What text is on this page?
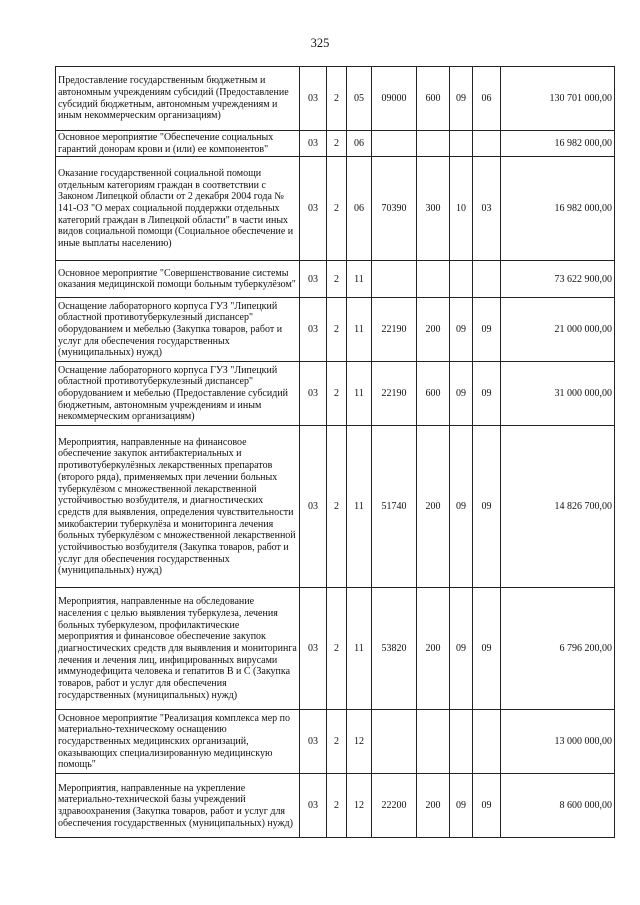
325
Предоставление государственным бюджетным и автономным учреждениям субсидий (Предоставление субсидий бюджетным, автономным учреждениям и иным некоммерческим организациям)	03	2	05	09000	600	09	06	130 701 000,00
Основное мероприятие "Обеспечение социальных гарантий донорам крови и (или) ее компонентов"	03	2	06					16 982 000,00
Оказание государственной социальной помощи отдельным категориям граждан в соответствии с Законом Липецкой области от 2 декабря 2004 года № 141-ОЗ "О мерах социальной поддержки отдельных категорий граждан в Липецкой области" в части иных видов социальной помощи (Социальное обеспечение и иные выплаты населению)	03	2	06	70390	300	10	03	16 982 000,00
Основное мероприятие "Совершенствование системы оказания медицинской помощи больным туберкулёзом"	03	2	11					73 622 900,00
Оснащение лабораторного корпуса ГУЗ "Липецкий областной противотуберкулезный диспансер" оборудованием и мебелью (Закупка товаров, работ и услуг для обеспечения государственных (муниципальных) нужд)	03	2	11	22190	200	09	09	21 000 000,00
Оснащение лабораторного корпуса ГУЗ "Липецкий областной противотуберкулезный диспансер" оборудованием и мебелью (Предоставление субсидий бюджетным, автономным учреждениям и иным некоммерческим организациям)	03	2	11	22190	600	09	09	31 000 000,00
Мероприятия, направленные на финансовое обеспечение закупок антибактериальных и противотуберкулёзных лекарственных препаратов (второго ряда), применяемых при лечении больных туберкулёзом с множественной лекарственной устойчивостью возбудителя, и диагностических средств для выявления, определения чувствительности микобактерии туберкулёза и мониторинга лечения больных туберкулёзом с множественной лекарственной устойчивостью возбудителя (Закупка товаров, работ и услуг для обеспечения государственных (муниципальных) нужд)	03	2	11	51740	200	09	09	14 826 700,00
Мероприятия, направленные на обследование населения с целью выявления туберкулеза, лечения больных туберкулезом, профилактические мероприятия и финансовое обеспечение закупок диагностических средств для выявления и мониторинга лечения и лечения лиц, инфицированных вирусами иммунодефицита человека и гепатитов В и С (Закупка товаров, работ и услуг для обеспечения государственных (муниципальных) нужд)	03	2	11	53820	200	09	09	6 796 200,00
Основное мероприятие "Реализация комплекса мер по материально-техническому оснащению государственных медицинских организаций, оказывающих специализированную медицинскую помощь"	03	2	12					13 000 000,00
Мероприятия, направленные на укрепление материально-технической базы учреждений здравоохранения (Закупка товаров, работ и услуг для обеспечения государственных (муниципальных) нужд)	03	2	12	22200	200	09	09	8 600 000,00
